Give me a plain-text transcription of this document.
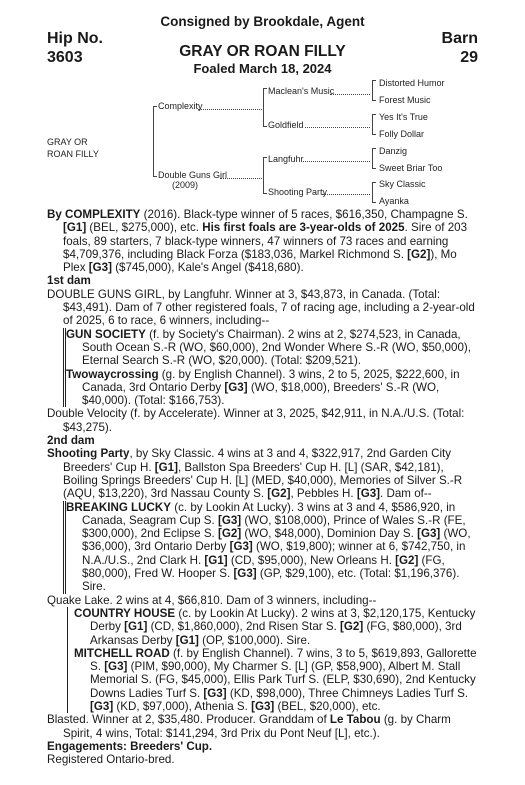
Consigned by Brookdale, Agent
Hip No.
3603
Barn
29
GRAY OR ROAN FILLY
Foaled March 18, 2024
GRAY OR
ROAN FILLY
Complexity
Double Guns Girl
(2009)
Maclean's Music
Goldfield
Langfuhr
Shooting Party
Distorted Humor
Forest Music
Yes It's True
Folly Dollar
Danzig
Sweet Briar Too
Sky Classic
Ayanka

By COMPLEXITY (2016). Black-type winner of 5 races, $616,350, Champagne S. [G1] (BEL, $275,000), etc. His first foals are 3-year-olds of 2025. Sire of 203 foals, 89 starters, 7 black-type winners, 47 winners of 73 races and earning $4,709,376, including Black Forza ($183,036, Markel Richmond S. [G2]), Mo Plex [G3] ($745,000), Kale's Angel ($418,680).

1st dam

DOUBLE GUNS GIRL, by Langfuhr. Winner at 3, $43,873, in Canada. (Total: $43,491). Dam of 7 other registered foals, 7 of racing age, including a 2-year-old of 2025, 6 to race, 6 winners, including--

GUN SOCIETY (f. by Society's Chairman). 2 wins at 2, $274,523, in Canada, South Ocean S.-R (WO, $60,000), 2nd Wonder Where S.-R (WO, $50,000), Eternal Search S.-R (WO, $20,000). (Total: $209,521).

Twowaycrossing (g. by English Channel). 3 wins, 2 to 5, 2025, $222,600, in Canada, 3rd Ontario Derby [G3] (WO, $18,000), Breeders' S.-R (WO, $40,000). (Total: $166,753).

Double Velocity (f. by Accelerate). Winner at 3, 2025, $42,911, in N.A./U.S. (Total: $43,275).

2nd dam

Shooting Party, by Sky Classic. 4 wins at 3 and 4, $322,917, 2nd Garden City Breeders' Cup H. [G1], Ballston Spa Breeders' Cup H. [L] (SAR, $42,181), Boiling Springs Breeders' Cup H. [L] (MED, $40,000), Memories of Silver S.-R (AQU, $13,220), 3rd Nassau County S. [G2], Pebbles H. [G3]. Dam of--

BREAKING LUCKY (c. by Lookin At Lucky). 3 wins at 3 and 4, $586,920, in Canada, Seagram Cup S. [G3] (WO, $108,000), Prince of Wales S.-R (FE, $300,000), 2nd Eclipse S. [G2] (WO, $48,000), Dominion Day S. [G3] (WO, $36,000), 3rd Ontario Derby [G3] (WO, $19,800); winner at 6, $742,750, in N.A./U.S., 2nd Clark H. [G1] (CD, $95,000), New Orleans H. [G2] (FG, $80,000), Fred W. Hooper S. [G3] (GP, $29,100), etc. (Total: $1,196,376). Sire.

Quake Lake. 2 wins at 4, $66,810. Dam of 3 winners, including--

COUNTRY HOUSE (c. by Lookin At Lucky). 2 wins at 3, $2,120,175, Kentucky Derby [G1] (CD, $1,860,000), 2nd Risen Star S. [G2] (FG, $80,000), 3rd Arkansas Derby [G1] (OP, $100,000). Sire.

MITCHELL ROAD (f. by English Channel). 7 wins, 3 to 5, $619,893, Gallorette S. [G3] (PIM, $90,000), My Charmer S. [L] (GP, $58,900), Albert M. Stall Memorial S. (FG, $45,000), Ellis Park Turf S. (ELP, $30,690), 2nd Kentucky Downs Ladies Turf S. [G3] (KD, $98,000), Three Chimneys Ladies Turf S. [G3] (KD, $97,000), Athenia S. [G3] (BEL, $20,000), etc.

Blasted. Winner at 2, $35,480. Producer. Granddam of Le Tabou (g. by Charm Spirit, 4 wins, Total: $141,294, 3rd Prix du Pont Neuf [L], etc.).

Engagements: Breeders' Cup.

Registered Ontario-bred.
